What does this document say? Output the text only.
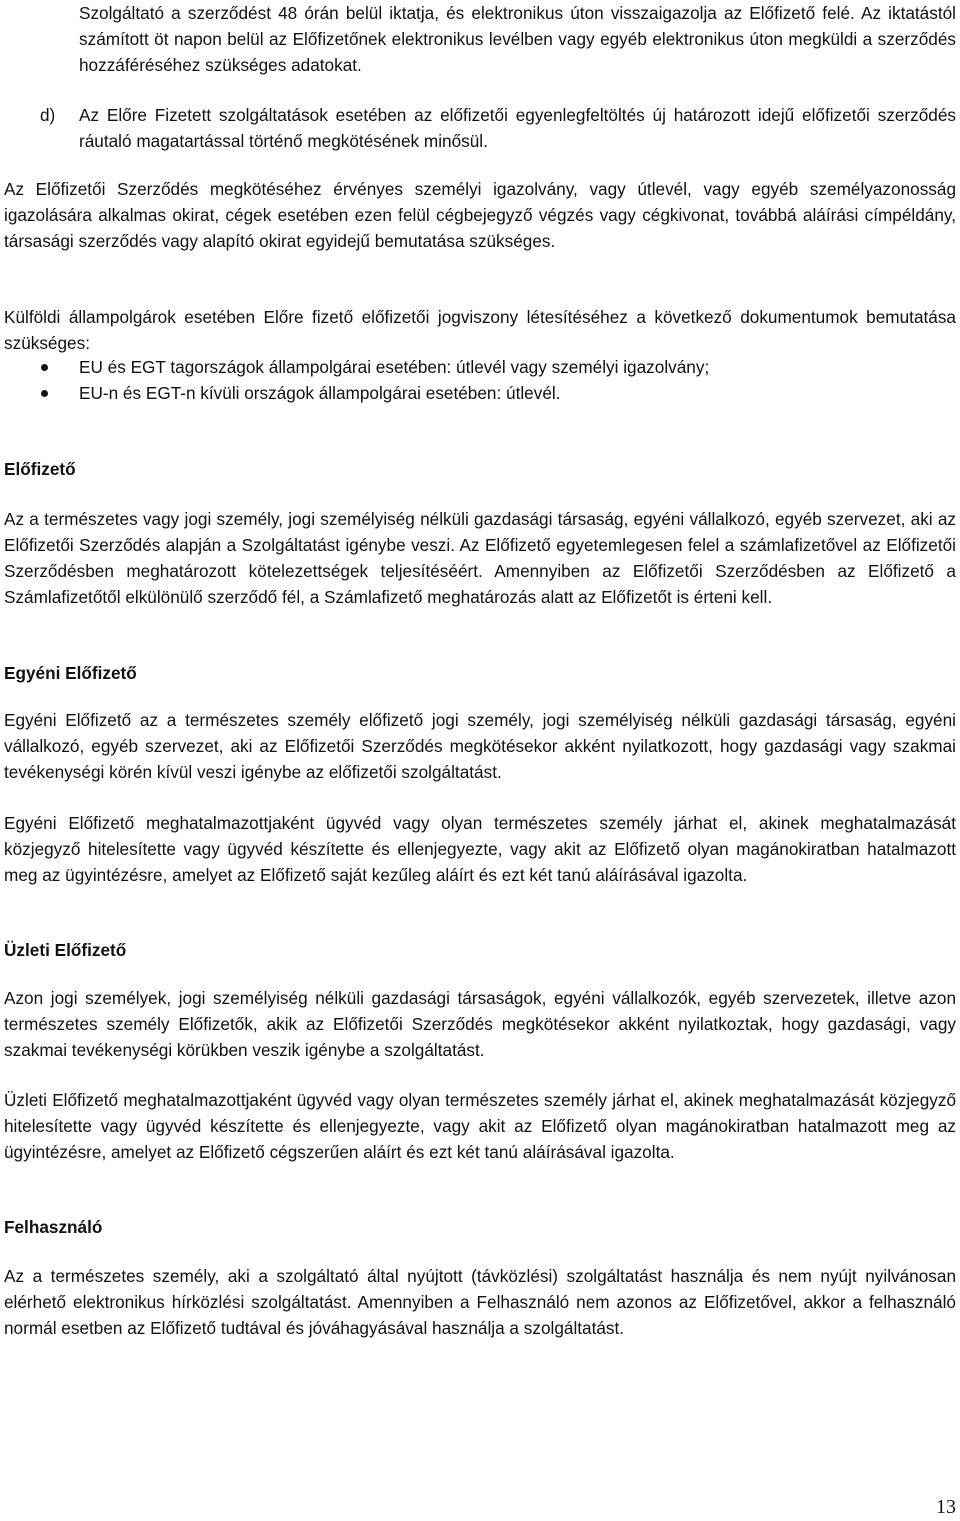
Szolgáltató a szerződést 48 órán belül iktatja, és elektronikus úton visszaigazolja az Előfizető felé. Az iktatástól számított öt napon belül az Előfizetőnek elektronikus levélben vagy egyéb elektronikus úton megküldi a szerződés hozzáféréséhez szükséges adatokat.

d) Az Előre Fizetett szolgáltatások esetében az előfizetői egyenlegfeltöltés új határozott idejű előfizetői szerződés ráutaló magatartással történő megkötésének minősül.

Az Előfizetői Szerződés megkötéséhez érvényes személyi igazolvány, vagy útlevél, vagy egyéb személyazonosság igazolására alkalmas okirat, cégek esetében ezen felül cégbejegyző végzés vagy cégkivonat, továbbá aláírási címpéldány, társasági szerződés vagy alapító okirat egyidejű bemutatása szükséges.

Külföldi állampolgárok esetében Előre fizető előfizetői jogviszony létesítéséhez a következő dokumentumok bemutatása szükséges:

EU és EGT tagországok állampolgárai esetében: útlevél vagy személyi igazolvány;
EU-n és EGT-n kívüli országok állampolgárai esetében: útlevél.
Előfizető

Az a természetes vagy jogi személy, jogi személyiség nélküli gazdasági társaság, egyéni vállalkozó, egyéb szervezet, aki az Előfizetői Szerződés alapján a Szolgáltatást igénybe veszi. Az Előfizető egyetemlegesen felel a számlafizetővel az Előfizetői Szerződésben meghatározott kötelezettségek teljesítéséért. Amennyiben az Előfizetői Szerződésben az Előfizető a Számlafizetőtől elkülönülő szerződő fél, a Számlafizető meghatározás alatt az Előfizetőt is érteni kell.

Egyéni Előfizető

Egyéni Előfizető az a természetes személy előfizető jogi személy, jogi személyiség nélküli gazdasági társaság, egyéni vállalkozó, egyéb szervezet, aki az Előfizetői Szerződés megkötésekor akként nyilatkozott, hogy gazdasági vagy szakmai tevékenységi körén kívül veszi igénybe az előfizetői szolgáltatást.

Egyéni Előfizető meghatalmazottjaként ügyvéd vagy olyan természetes személy járhat el, akinek meghatalmazását közjegyző hitelesítette vagy ügyvéd készítette és ellenjegyezte, vagy akit az Előfizető olyan magánokiratban hatalmazott meg az ügyintézésre, amelyet az Előfizető saját kezűleg aláírt és ezt két tanú aláírásával igazolta.

Üzleti Előfizető

Azon jogi személyek, jogi személyiség nélküli gazdasági társaságok, egyéni vállalkozók, egyéb szervezetek, illetve azon természetes személy Előfizetők, akik az Előfizetői Szerződés megkötésekor akként nyilatkoztak, hogy gazdasági, vagy szakmai tevékenységi körükben veszik igénybe a szolgáltatást.

Üzleti Előfizető meghatalmazottjaként ügyvéd vagy olyan természetes személy járhat el, akinek meghatalmazását közjegyző hitelesítette vagy ügyvéd készítette és ellenjegyezte, vagy akit az Előfizető olyan magánokiratban hatalmazott meg az ügyintézésre, amelyet az Előfizető cégszerűen aláírt és ezt két tanú aláírásával igazolta.

Felhasználó

Az a természetes személy, aki a szolgáltató által nyújtott (távközlési) szolgáltatást használja és nem nyújt nyilvánosan elérhető elektronikus hírközlési szolgáltatást. Amennyiben a Felhasználó nem azonos az Előfizetővel, akkor a felhasználó normál esetben az Előfizető tudtával és jóváhagyásával használja a szolgáltatást.

13
